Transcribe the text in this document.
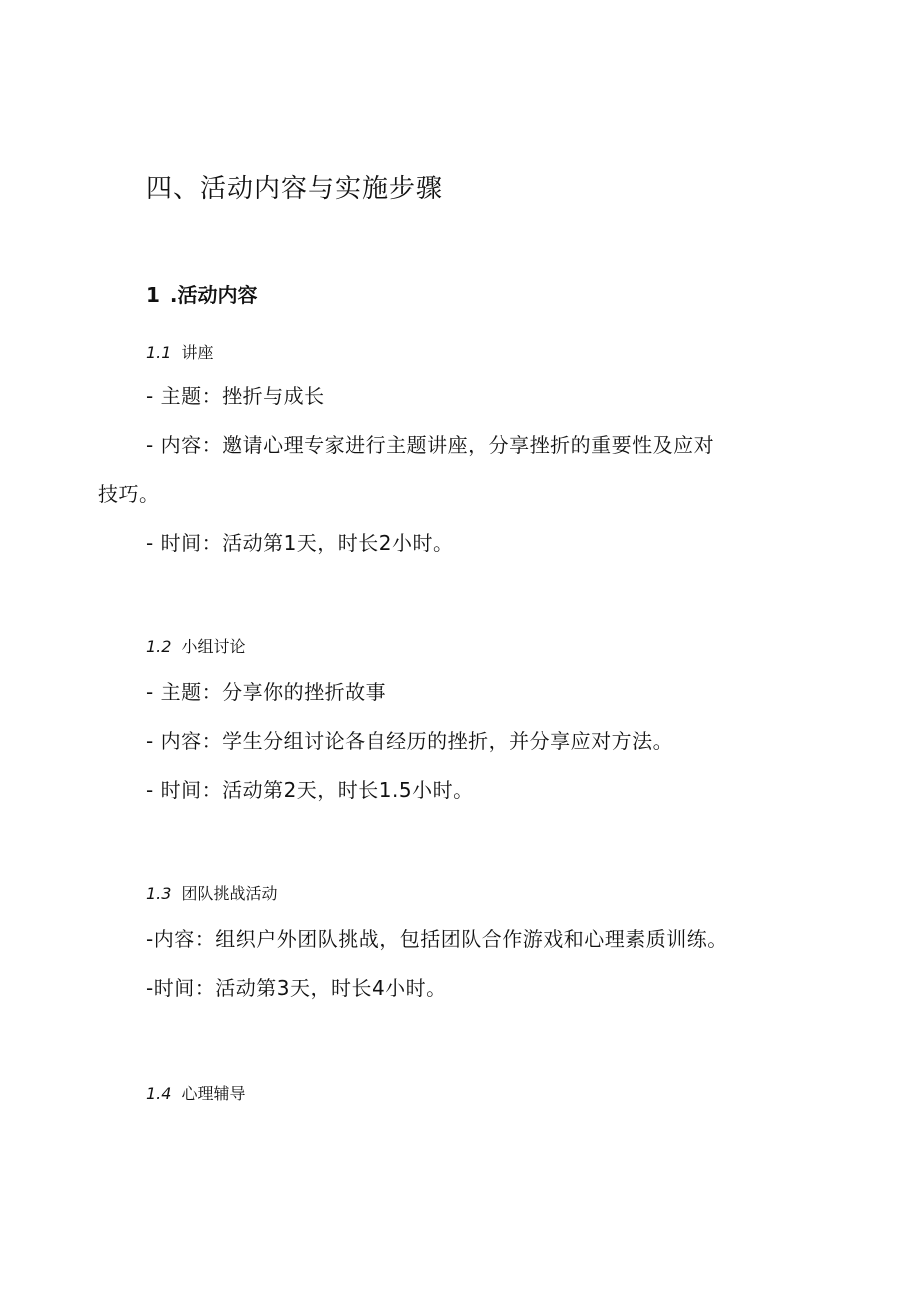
四、活动内容与实施步骤
1 .活动内容
1.1 讲座
- 主题：挫折与成长
- 内容：邀请心理专家进行主题讲座，分享挫折的重要性及应对
技巧。
- 时间：活动第1天，时长2小时。
1.2 小组讨论
- 主题：分享你的挫折故事
- 内容：学生分组讨论各自经历的挫折，并分享应对方法。
- 时间：活动第2天，时长1.5小时。
1.3 团队挑战活动
-内容：组织户外团队挑战，包括团队合作游戏和心理素质训练。
-时间：活动第3天，时长4小时。
1.4 心理辅导
